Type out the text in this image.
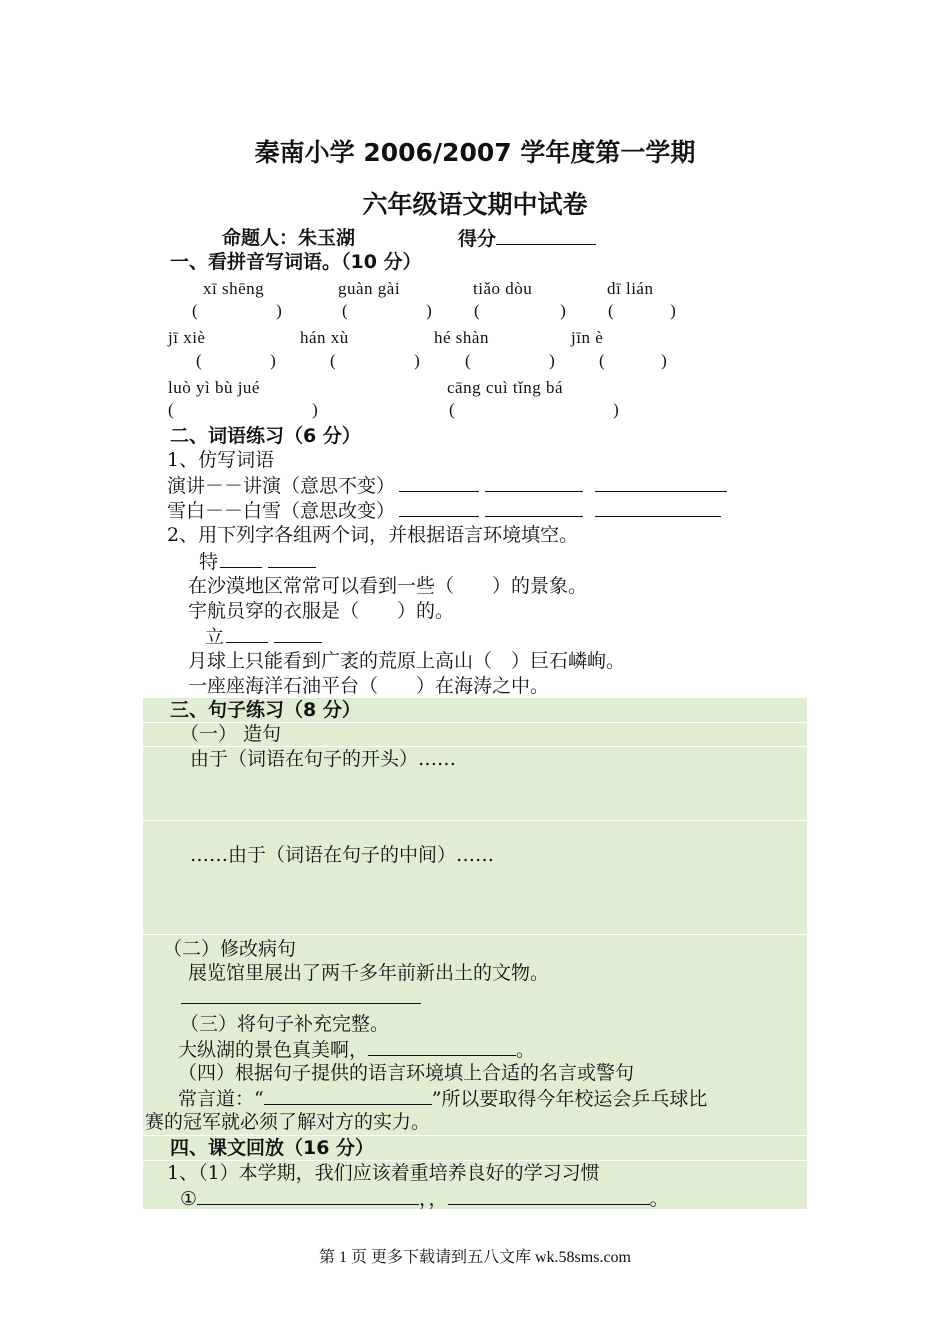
秦南小学 2006/2007 学年度第一学期
六年级语文期中试卷
命题人：朱玉湖	得分
一、看拼音写词语。（10 分）
xī shēng	guàn gài	tiǎo dòu	dī lián
(	)	(	) (	) (	)
jī xiè	hán xù	hé shàn	jīn è
(	)	(	)	(	)	(	)
luò yì bù jué	cāng cuì tǐng bá
(	)	(	)
二、词语练习（6 分）
1、仿写词语
演讲－－讲演（意思不变）
雪白－－白雪（意思改变）
2、用下列字各组两个词，并根据语言环境填空。
特
在沙漠地区常常可以看到一些（　　）的景象。
宇航员穿的衣服是（　　）的。
立
月球上只能看到广袤的荒原上高山（　）巨石嶙峋。
一座座海洋石油平台（　　）在海涛之中。
三、句子练习（8 分）
（一） 造句
由于（词语在句子的开头）……
……由于（词语在句子的中间）……
（二）修改病句
展览馆里展出了两千多年前新出土的文物。
（三）将句子补充完整。
大纵湖的景色真美啊，	。
（四）根据句子提供的语言环境填上合适的名言或警句
常言道：“	”所以要取得今年校运会乒乓球比
赛的冠军就必须了解对方的实力。
四、课文回放（16 分）
1、（1）本学期，我们应该着重培养良好的学习习惯
①	，，	。
第 1 页 更多下载请到五八文库 wk.58sms.com
